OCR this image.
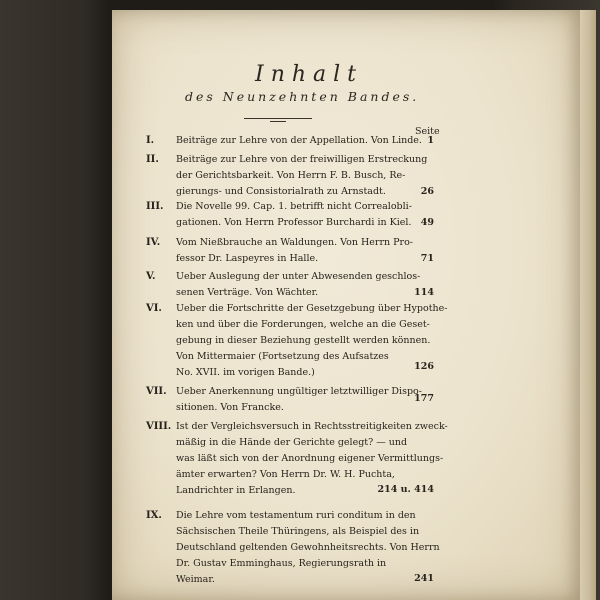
Inhalt
des Neunzehnten Bandes.
Seite
I. Beiträge zur Lehre von der Appellation. Von Linde. 1
II. Beiträge zur Lehre von der freiwilligen Erstreckung
der Gerichtsbarkeit. Von Herrn F. B. Busch, Re-
gierungs- und Consistorialrath zu Arnstadt.	26
III. Die Novelle 99. Cap. 1. betrifft nicht Correalobli-
gationen. Von Herrn Professor Burchardi in Kiel. 49
IV. Vom Nießbrauche an Waldungen. Von Herrn Pro-
fessor Dr. Laspeyres in Halle.	71
V. Ueber Auslegung der unter Abwesenden geschlos-
senen Verträge. Von Wächter.	114
VI. Ueber die Fortschritte der Gesetzgebung über Hypothe-
ken und über die Forderungen, welche an die Geset-
gebung in dieser Beziehung gestellt werden können.
Von Mittermaier (Fortsetzung des Aufsatzes
No. XVII. im vorigen Bande.)
126
VII. Ueber Anerkennung ungültiger letztwilliger Dispo-
sitionen. Von Francke.
177
VIII. Ist der Vergleichsversuch in Rechtsstreitigkeiten zweck-
mäßig in die Hände der Gerichte gelegt? — und
was läßt sich von der Anordnung eigener Vermittlungs-
ämter erwarten? Von Herrn Dr. W. H. Puchta,
Landrichter in Erlangen.	214 u. 414
IX. Die Lehre vom testamentum ruri conditum in den
Sächsischen Theile Thüringens, als Beispiel des in
Deutschland geltenden Gewohnheitsrechts. Von Herrn
Dr. Gustav Emminghaus, Regierungsrath in
Weimar.	241
